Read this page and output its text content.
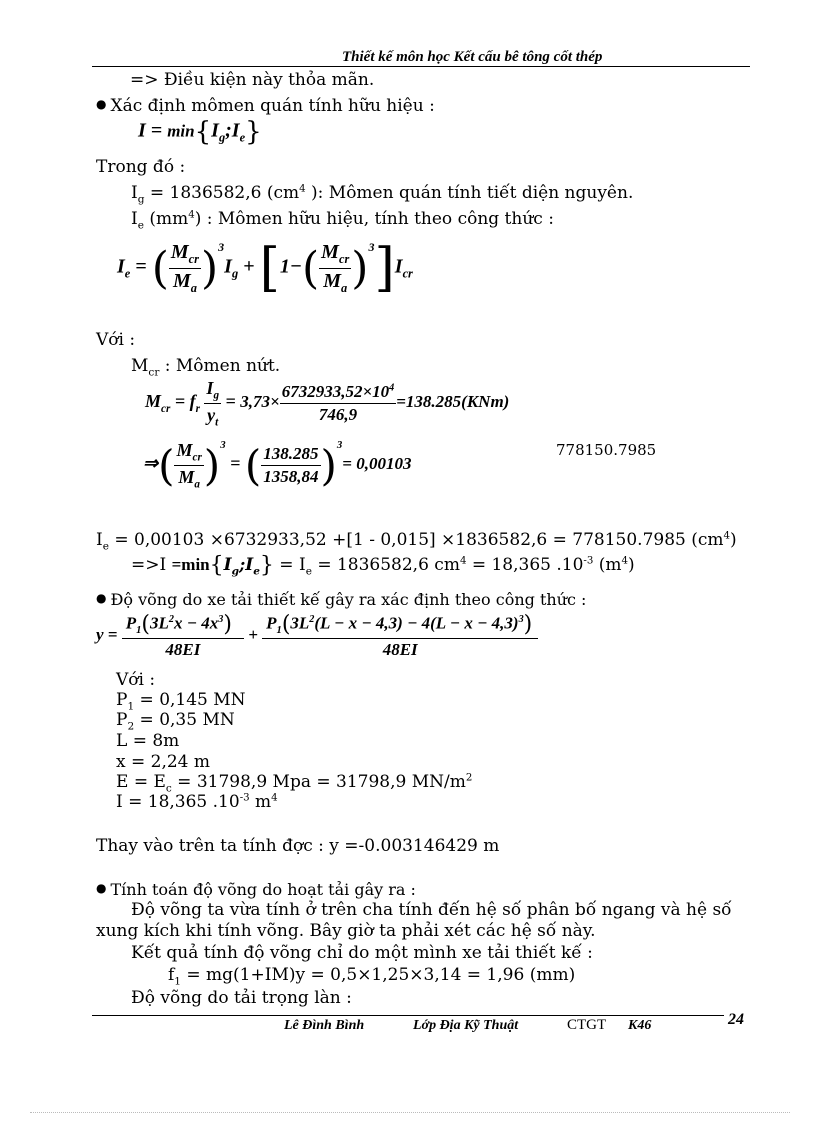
Thiết kế môn học Kết cấu bê tông cốt thép
=> Điều kiện này thỏa mãn.
● Xác định mômen quán tính hữu hiệu :
$I = \min\{I_g;I_e\}$
Trong đó :
$I_g = 1836582,6$ ($cm^4$ ): Mômen quán tính tiết diện nguyên.
$I_e$ $(mm^4)$ : Mômen hữu hiệu, tính theo công thức :
$I_e$ = ( $\frac{M_{cr}}{M_a} )^3I_g + [1-( \frac{M_{cr}}{M_a} )^3]I_{cr}$
Với :
$M_{cr}$ : Mômen nứt.
$M_{cr} = f_r \frac{I_g}{y_t} = 3,73\times \frac{6732933,52\times 10^4}{746,9} =138.285(KNm)$
⇒( $\frac{M_{cr}}{M_a} )^3$ = ( $\frac{138.285}{1358,84} )^3= 0,00103$
778150.7985
$I_e = 0,00103 \times 6732933,52 +[1 - 0,015] \times 1836582,6 = 778150.7985$ $(cm^4)$
$=>I =\min\{I_g;I_e\} = I_e = 1836582,6$ $cm^4 = 18,365$ $.10^{-3}$ $(m^4)$
● Độ võng do xe tải thiết kế gây ra xác định theo công thức :
$y = \frac{P_1(3L^2x - 4x^3)}{48EI} + \frac{P_1(3L^2(L - x - 4,3) - 4(L - x - 4,3)^3)}{48EI}$
Với :
$P_1 = 0,145$ MN
$P_2 = 0,35$ MN
L = 8m
x = 2,24 m
$E = E_c = 31798,9$ Mpa = 31798,9 $MN/m^2$
I = 18,365 $.10^{-3}$ $m^4$
Thay vào trên ta tính đợc : y =-0.003146429 m
● Tính toán độ võng do hoạt tải gây ra :
Độ võng ta vừa tính ở trên cha tính đến hệ số phân bố ngang và hệ số
xung kích khi tính võng. Bây giờ ta phải xét các hệ số này.
Kết quả tính độ võng chỉ do một mình xe tải thiết kế :
$f_1 = mg(1+IM)y = 0,5\times 1,25\times 3,14 = 1,96$ (mm)
Độ võng do tải trọng làn :
Lê Đình Bình	Lớp Địa Kỹ Thuật	CTGT K46	24
